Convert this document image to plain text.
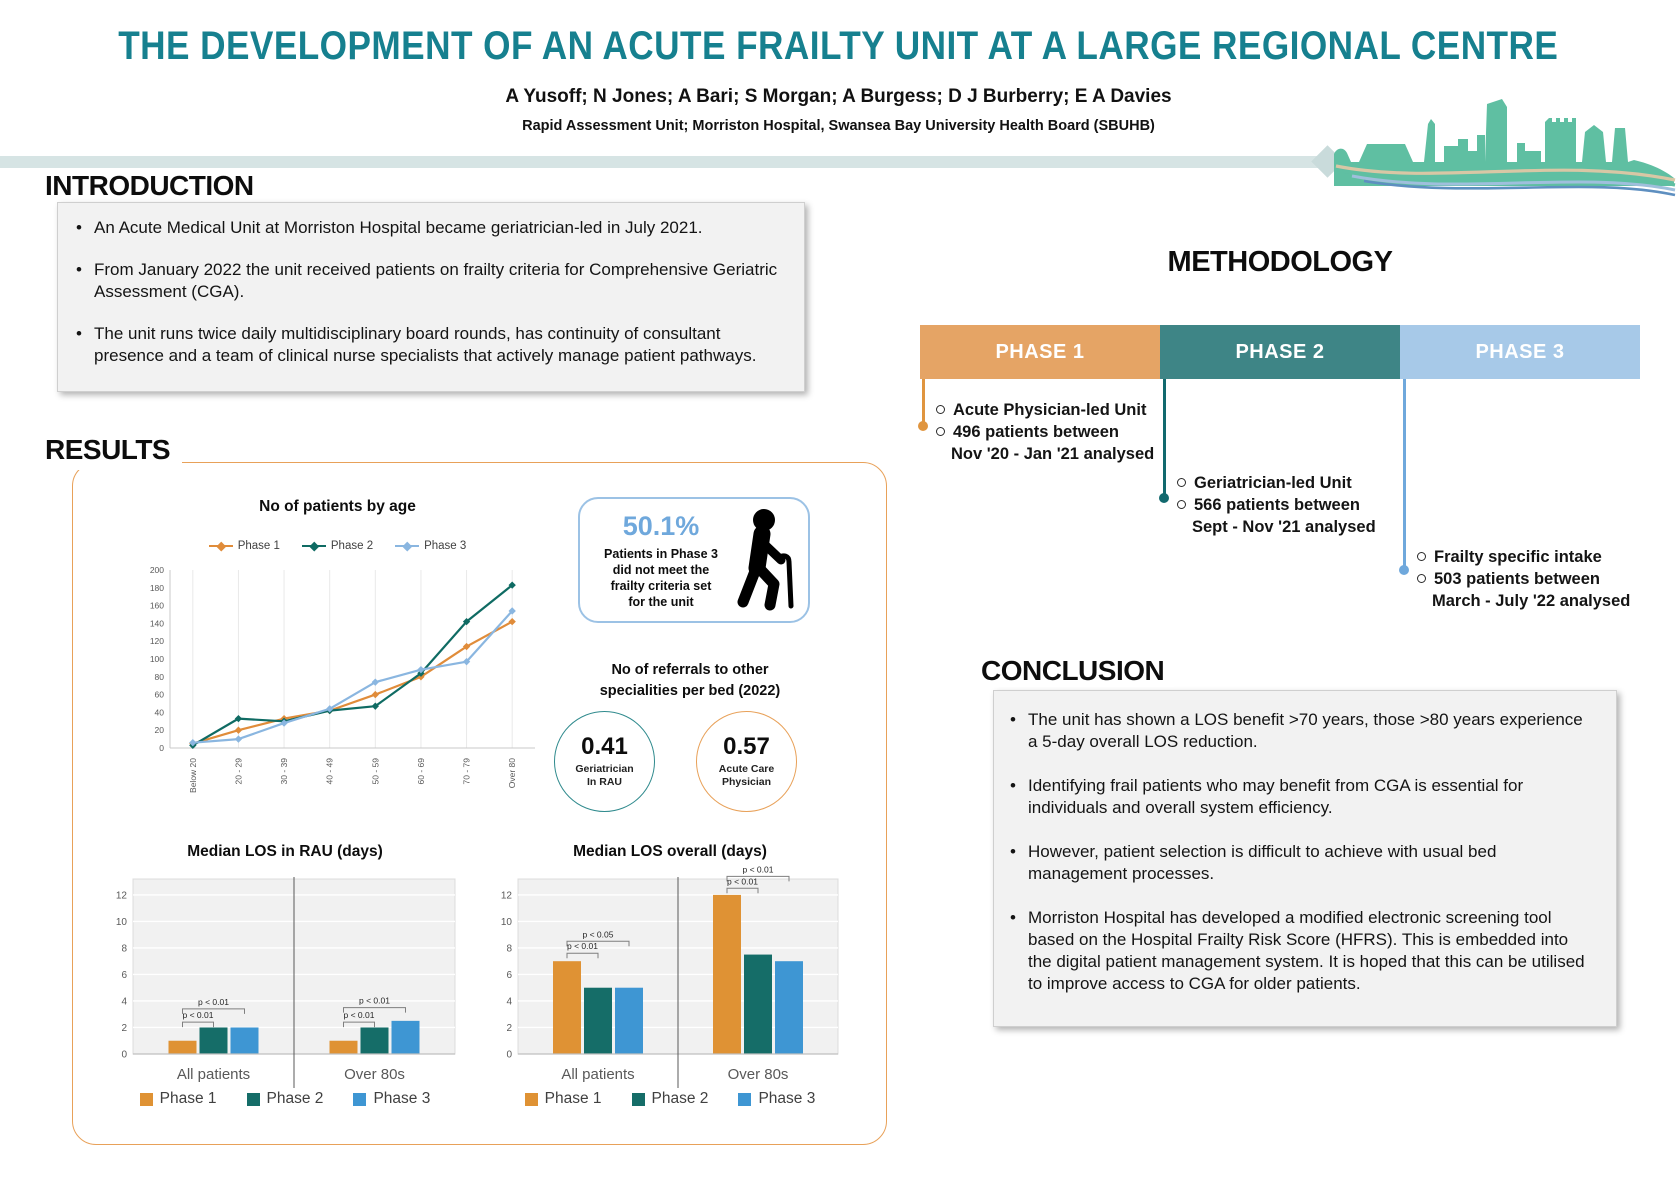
THE DEVELOPMENT OF AN ACUTE FRAILTY UNIT AT A LARGE REGIONAL CENTRE
A Yusoff; N Jones; A Bari; S Morgan; A Burgess; D J Burberry; E A Davies
Rapid Assessment Unit; Morriston Hospital, Swansea Bay University Health Board (SBUHB)
INTRODUCTION
• An Acute Medical Unit at Morriston Hospital became geriatrician-led in July 2021.
• From January 2022 the unit received patients on frailty criteria for Comprehensive Geriatric Assessment (CGA).
• The unit runs twice daily multidisciplinary board rounds, has continuity of consultant presence and a team of clinical nurse specialists that actively manage patient pathways.
METHODOLOGY
PHASE 1	PHASE 2	PHASE 3
Acute Physician-led Unit
496 patients between
Nov '20 - Jan '21 analysed
Geriatrician-led Unit
566 patients between
Sept - Nov '21 analysed
Frailty specific intake
503 patients between
March - July '22 analysed
RESULTS
No of patients by age
Phase 1	Phase 2	Phase 3
0
20
40
60
80
100
120
140
160
180
200
Below 20	20 - 29	30 - 39	40 - 49	50 - 59	60 - 69	70 - 79	Over 80
50.1%
Patients in Phase 3
did not meet the
frailty criteria set
for the unit
No of referrals to other
specialities per bed (2022)
0.41
Geriatrician
In RAU
0.57
Acute Care
Physician
Median LOS in RAU (days)
0
2
4
6
8
10
12
All patients	Over 80s
p < 0.01
p < 0.01
p < 0.01
p < 0.01
Phase 1	Phase 2	Phase 3
Median LOS overall (days)
0
2
4
6
8
10
12
All patients	Over 80s
p < 0.01
p < 0.05
p < 0.01
p < 0.01
Phase 1	Phase 2	Phase 3
CONCLUSION
• The unit has shown a LOS benefit >70 years, those >80 years experience a 5-day overall LOS reduction.
• Identifying frail patients who may benefit from CGA is essential for individuals and overall system efficiency.
• However, patient selection is difficult to achieve with usual bed management processes.
• Morriston Hospital has developed a modified electronic screening tool based on the Hospital Frailty Risk Score (HFRS). This is embedded into the digital patient management system. It is hoped that this can be utilised to improve access to CGA for older patients.
